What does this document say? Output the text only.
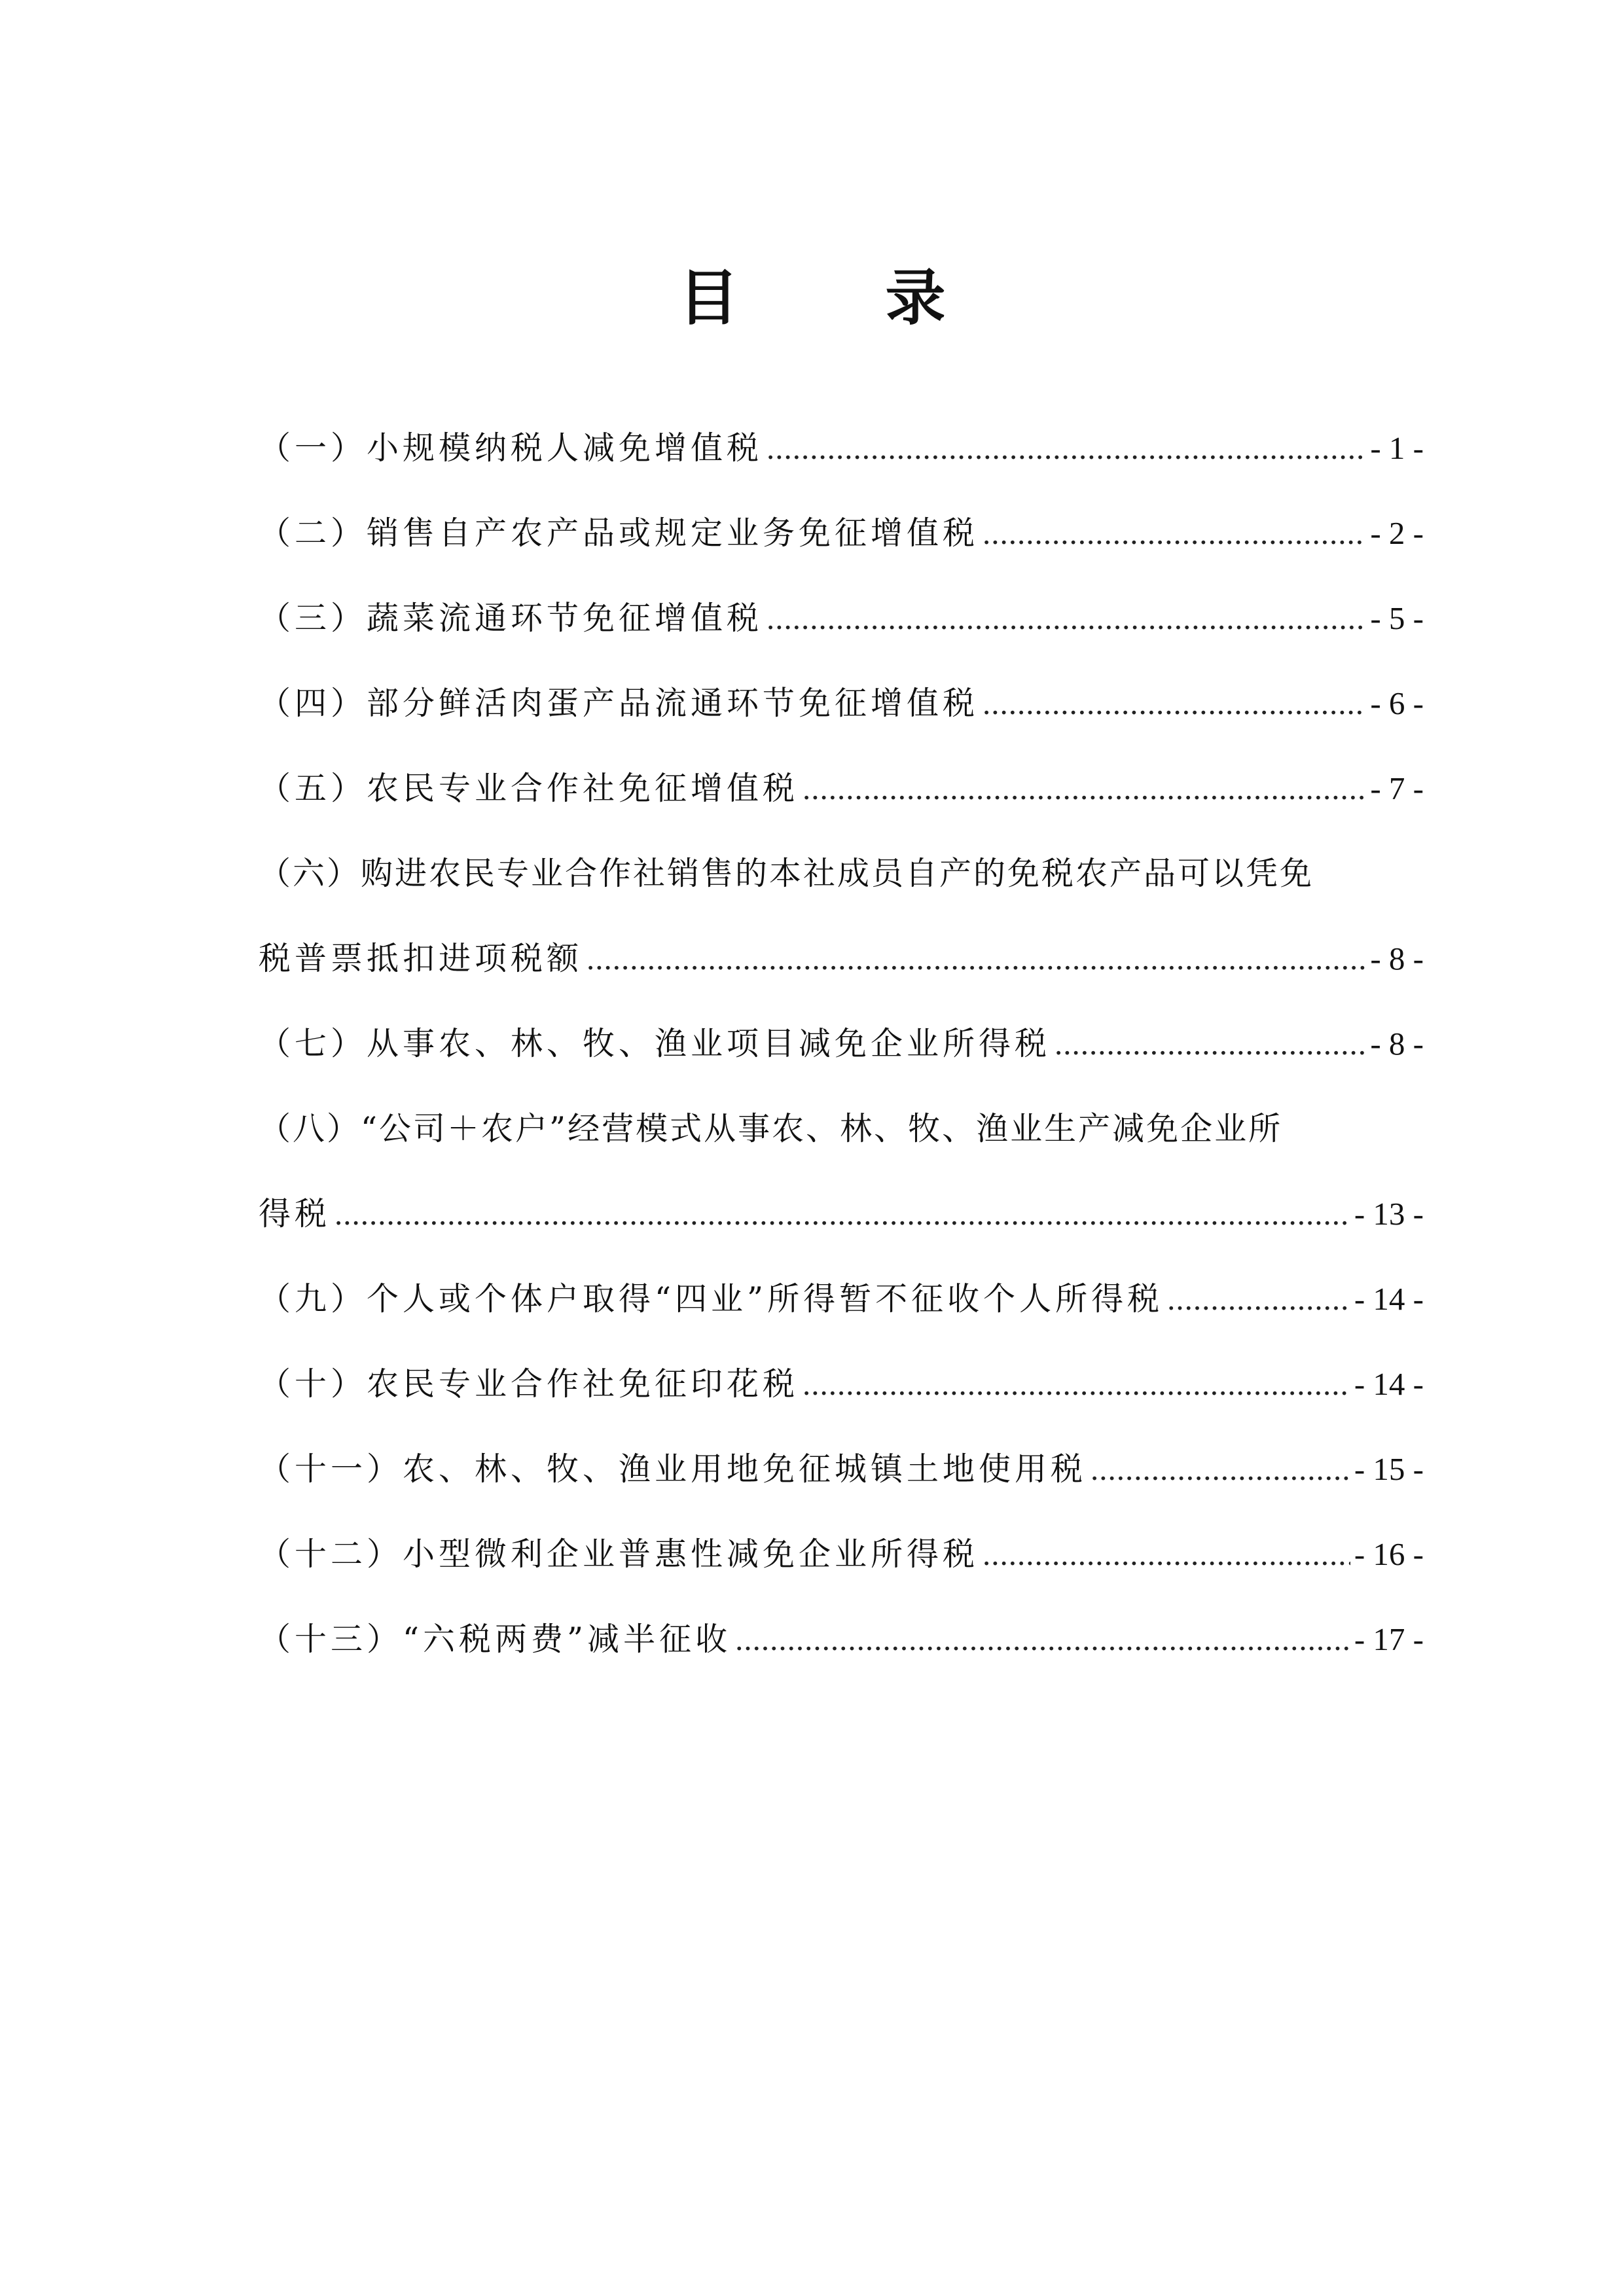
目 录
（一）小规模纳税人减免增值税 .....	- 1 -
（二）销售自产农产品或规定业务免征增值税 .....	- 2 -
（三）蔬菜流通环节免征增值税 .....	- 5 -
（四）部分鲜活肉蛋产品流通环节免征增值税 .....	- 6 -
（五）农民专业合作社免征增值税 .....	- 7 -
（六）购进农民专业合作社销售的本社成员自产的免税农产品可以凭免
税普票抵扣进项税额 .....	- 8 -
（七）从事农、林、牧、渔业项目减免企业所得税 .....	- 8 -
（八）“公司＋农户”经营模式从事农、林、牧、渔业生产减免企业所
得税 .....	- 13 -
（九）个人或个体户取得“四业”所得暂不征收个人所得税 .....	- 14 -
（十）农民专业合作社免征印花税 .....	- 14 -
（十一）农、林、牧、渔业用地免征城镇土地使用税 .....	- 15 -
（十二）小型微利企业普惠性减免企业所得税 .....	- 16 -
（十三）“六税两费”减半征收 .....	- 17 -
